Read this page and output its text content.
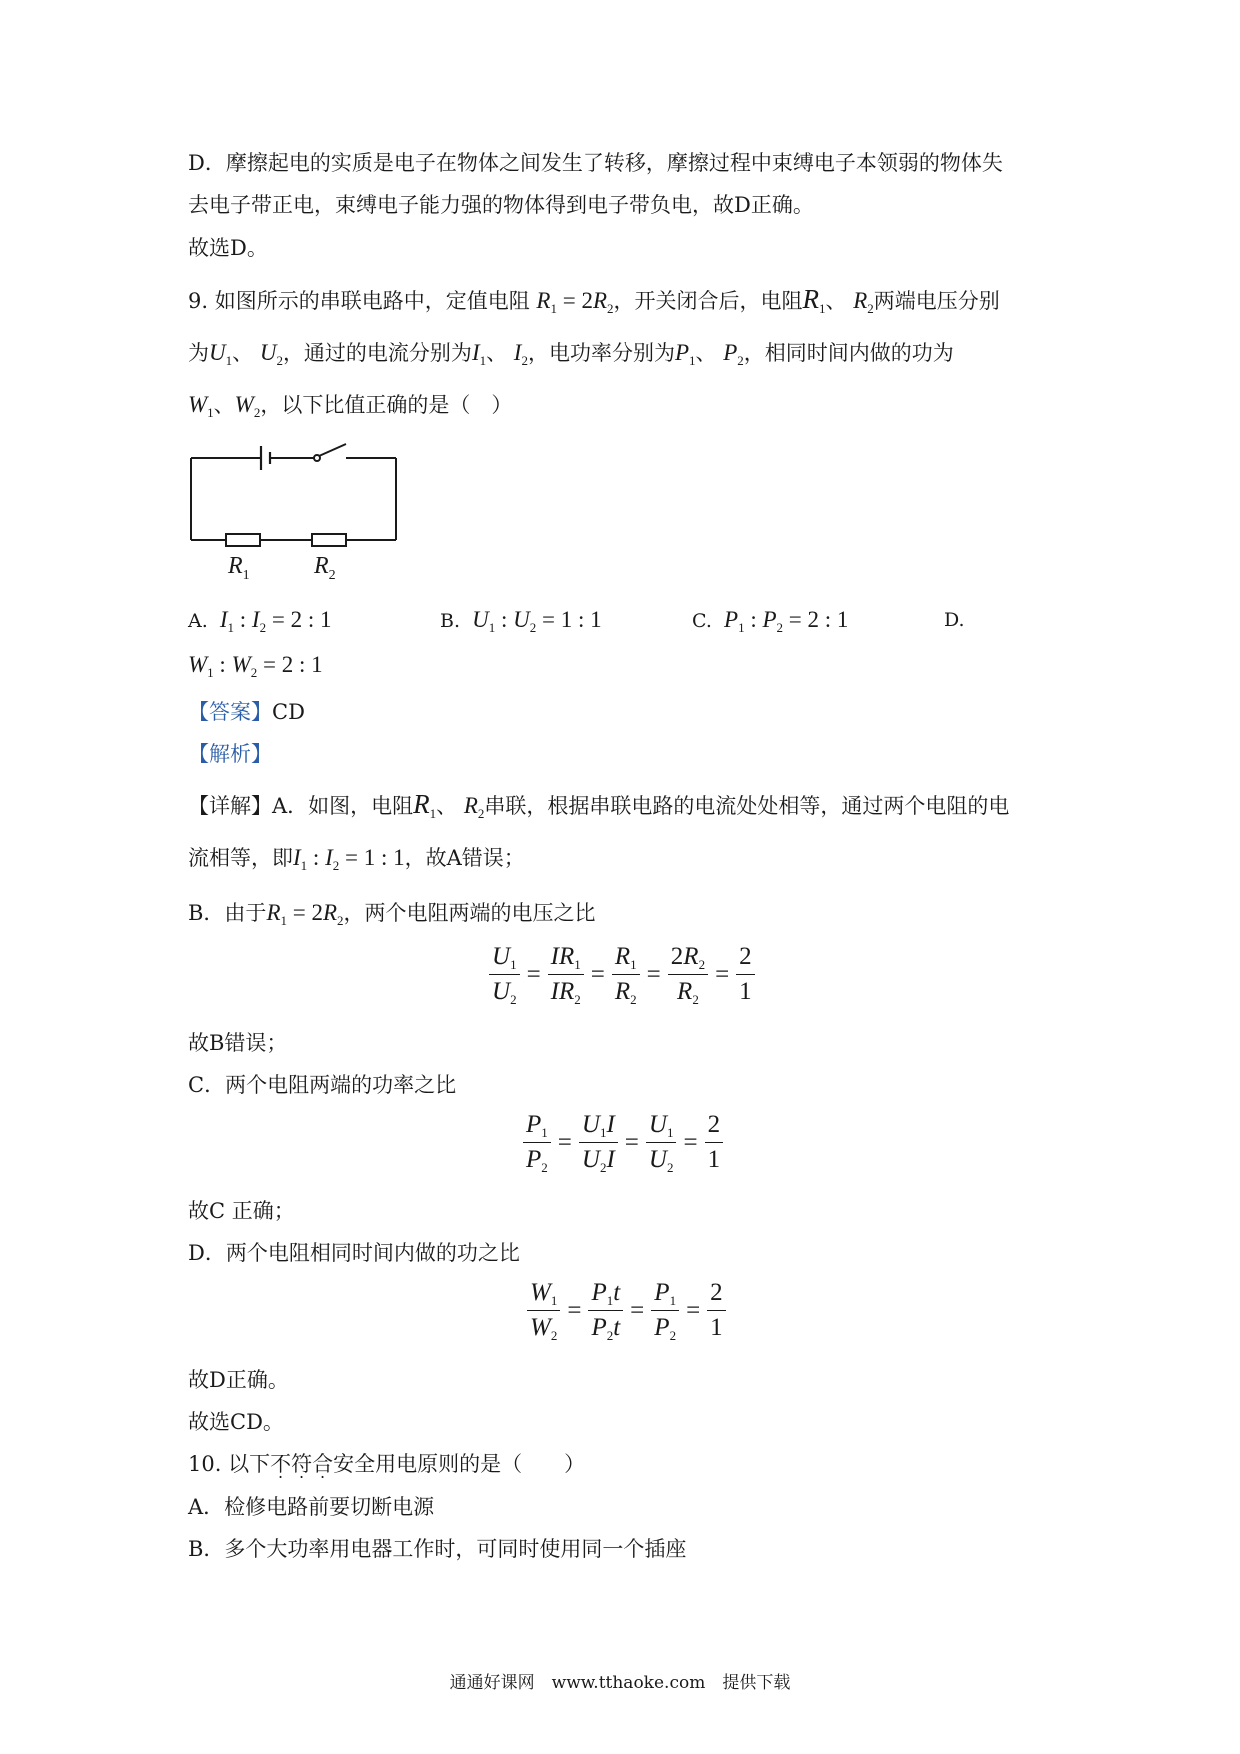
D．摩擦起电的实质是电子在物体之间发生了转移，摩擦过程中束缚电子本领弱的物体失
去电子带正电，束缚电子能力强的物体得到电子带负电，故D正确。
故选D。
9. 如图所示的串联电路中，定值电阻 $R_1 = 2R_2$，开关闭合后，电阻$R_1$、 $R_2$两端电压分别
为$U_1$、 $U_2$，通过的电流分别为$I_1$、 $I_2$，电功率分别为$P_1$、 $P_2$，相同时间内做的功为
$W_1$、$W_2$，以下比值正确的是（　）
$R_1$	$R_2$
A. $I_1$ : $I_2 = 2$ : 1	B. $U_1$ : $U_2 = 1$ : 1	C. $P_1$ : $P_2 = 2$ : 1	D.
$W_1$ : $W_2 = 2$ : 1
【答案】CD
【解析】
【详解】A．如图，电阻$R_1$、 $R_2$串联，根据串联电路的电流处处相等，通过两个电阻的电
流相等，即$I_1$ : $I_2 = 1$ : 1，故A错误；
B．由于$R_1 = 2R_2$，两个电阻两端的电压之比
$\frac{U_1}{U_2} = \frac{IR_1}{IR_2} = \frac{R_1}{R_2} = \frac{2R_2}{R_2} = \frac{2}{1}$
故B错误；
C．两个电阻两端的功率之比
$\frac{P_1}{P_2} = \frac{U_1I}{U_2I} = \frac{U_1}{U_2} = \frac{2}{1}$
故C 正确；
D．两个电阻相同时间内做的功之比
$\frac{W_1}{W_2} = \frac{P_1t}{P_2t} = \frac{P_1}{P_2} = \frac{2}{1}$
故D正确。
故选CD。
10. 以下不符合安全用电原则的是（　　）
A．检修电路前要切断电源
B．多个大功率用电器工作时，可同时使用同一个插座
通通好课网　www.tthaoke.com　提供下载
